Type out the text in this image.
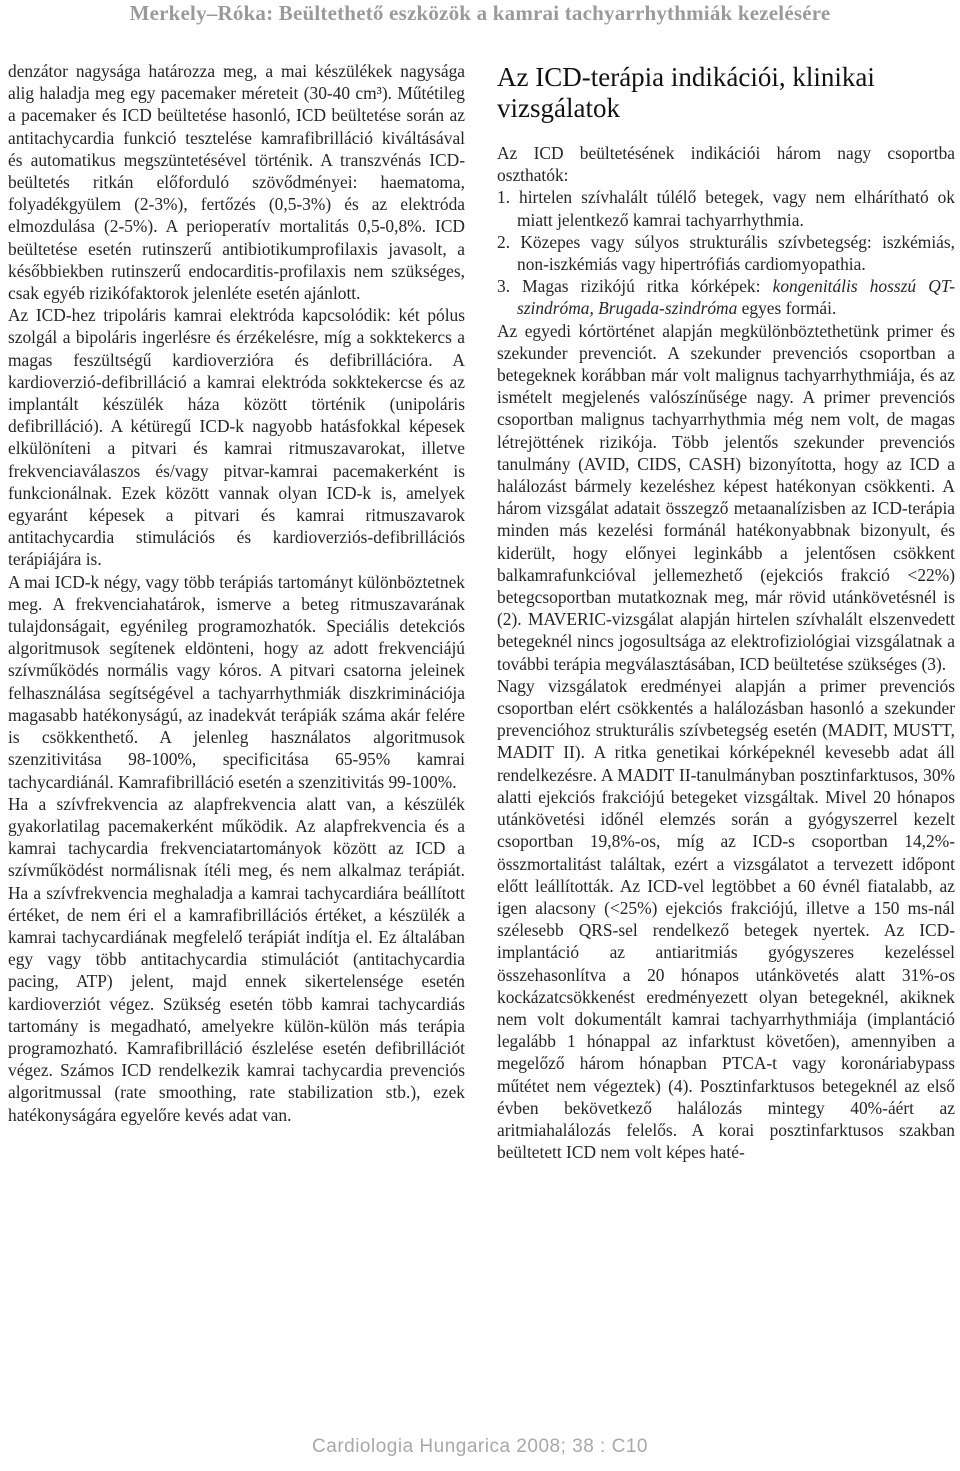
Merkely–Róka: Beültethető eszközök a kamrai tachyarrhythmiák kezelésére

denzátor nagysága határozza meg, a mai készülékek nagysága alig haladja meg egy pacemaker méreteit (30-40 cm³). Műtétileg a pacemaker és ICD beültetése hasonló, ICD beültetése során az antitachycardia funkció tesztelése kamrafibrilláció kiváltásával és automatikus megszüntetésével történik. A transzvénás ICD-beültetés ritkán előforduló szövődményei: haematoma, folyadékgyülem (2-3%), fertőzés (0,5-3%) és az elektróda elmozdulása (2-5%). A perioperatív mortalitás 0,5-0,8%. ICD beültetése esetén rutinszerű antibiotikumprofilaxis javasolt, a későbbiekben rutinszerű endocarditis-profilaxis nem szükséges, csak egyéb rizikófaktorok jelenléte esetén ajánlott.

Az ICD-hez tripoláris kamrai elektróda kapcsolódik: két pólus szolgál a bipoláris ingerlésre és érzékelésre, míg a sokktekercs a magas feszültségű kardioverzióra és defibrillációra. A kardioverzió-defibrilláció a kamrai elektróda sokktekercse és az implantált készülék háza között történik (unipoláris defibrilláció). A kétüregű ICD-k nagyobb hatásfokkal képesek elkülöníteni a pitvari és kamrai ritmuszavarokat, illetve frekvenciaválaszos és/vagy pitvar-kamrai pacemakerként is funkcionálnak. Ezek között vannak olyan ICD-k is, amelyek egyaránt képesek a pitvari és kamrai ritmuszavarok antitachycardia stimulációs és kardioverziós-defibrillációs terápiájára is.

A mai ICD-k négy, vagy több terápiás tartományt különböztetnek meg. A frekvenciahatárok, ismerve a beteg ritmuszavarának tulajdonságait, egyénileg programozhatók. Speciális detekciós algoritmusok segítenek eldönteni, hogy az adott frekvenciájú szívműködés normális vagy kóros. A pitvari csatorna jeleinek felhasználása segítségével a tachyarrhythmiák diszkriminációja magasabb hatékonyságú, az inadekvát terápiák száma akár felére is csökkenthető. A jelenleg használatos algoritmusok szenzitivitása 98-100%, specificitása 65-95% kamrai tachycardiánál. Kamrafibrilláció esetén a szenzitivitás 99-100%.

Ha a szívfrekvencia az alapfrekvencia alatt van, a készülék gyakorlatilag pacemakerként működik. Az alapfrekvencia és a kamrai tachycardia frekvenciatartományok között az ICD a szívműködést normálisnak ítéli meg, és nem alkalmaz terápiát. Ha a szívfrekvencia meghaladja a kamrai tachycardiára beállított értéket, de nem éri el a kamrafibrillációs értéket, a készülék a kamrai tachycardiának megfelelő terápiát indítja el. Ez általában egy vagy több antitachycardia stimulációt (antitachycardia pacing, ATP) jelent, majd ennek sikertelensége esetén kardioverziót végez. Szükség esetén több kamrai tachycardiás tartomány is megadható, amelyekre külön-külön más terápia programozható. Kamrafibrilláció észlelése esetén defibrillációt végez. Számos ICD rendelkezik kamrai tachycardia prevenciós algoritmussal (rate smoothing, rate stabilization stb.), ezek hatékonyságára egyelőre kevés adat van.

Az ICD-terápia indikációi, klinikai vizsgálatok

Az ICD beültetésének indikációi három nagy csoportba oszthatók:

1. hirtelen szívhalált túlélő betegek, vagy nem elhárítható ok miatt jelentkező kamrai tachyarrhythmia.
2. Közepes vagy súlyos strukturális szívbetegség: iszkémiás, non-iszkémiás vagy hipertrófiás cardiomyopathia.
3. Magas rizikójú ritka kórképek: kongenitális hosszú QT-szindróma, Brugada-szindróma egyes formái.

Az egyedi kórtörténet alapján megkülönböztethetünk primer és szekunder prevenciót. A szekunder prevenciós csoportban a betegeknek korábban már volt malignus tachyarrhythmiája, és az ismételt megjelenés valószínűsége nagy. A primer prevenciós csoportban malignus tachyarrhythmia még nem volt, de magas létrejöttének rizikója. Több jelentős szekunder prevenciós tanulmány (AVID, CIDS, CASH) bizonyította, hogy az ICD a halálozást bármely kezeléshez képest hatékonyan csökkenti. A három vizsgálat adatait összegző metaanalízisben az ICD-terápia minden más kezelési formánál hatékonyabbnak bizonyult, és kiderült, hogy előnyei leginkább a jelentősen csökkent balkamrafunkcióval jellemezhető (ejekciós frakció <22%) betegcsoportban mutatkoznak meg, már rövid utánkövetésnél is (2). MAVERIC-vizsgálat alapján hirtelen szívhalált elszenvedett betegeknél nincs jogosultsága az elektrofiziológiai vizsgálatnak a további terápia megválasztásában, ICD beültetése szükséges (3).

Nagy vizsgálatok eredményei alapján a primer prevenciós csoportban elért csökkentés a halálozásban hasonló a szekunder prevencióhoz strukturális szívbetegség esetén (MADIT, MUSTT, MADIT II). A ritka genetikai kórképeknél kevesebb adat áll rendelkezésre. A MADIT II-tanulmányban posztinfarktusos, 30% alatti ejekciós frakciójú betegeket vizsgáltak. Mivel 20 hónapos utánkövetési időnél elemzés során a gyógyszerrel kezelt csoportban 19,8%-os, míg az ICD-s csoportban 14,2%-összmortalitást találtak, ezért a vizsgálatot a tervezett időpont előtt leállították. Az ICD-vel legtöbbet a 60 évnél fiatalabb, az igen alacsony (<25%) ejekciós frakciójú, illetve a 150 ms-nál szélesebb QRS-sel rendelkező betegek nyertek. Az ICD-implantáció az antiaritmiás gyógyszeres kezeléssel összehasonlítva a 20 hónapos utánkövetés alatt 31%-os kockázatcsökkenést eredményezett olyan betegeknél, akiknek nem volt dokumentált kamrai tachyarrhythmiája (implantáció legalább 1 hónappal az infarktust követően), amennyiben a megelőző három hónapban PTCA-t vagy koronáriabypass műtétet nem végeztek) (4). Posztinfarktusos betegeknél az első évben bekövetkező halálozás mintegy 40%-áért az aritmiahalálozás felelős. A korai posztinfarktusos szakban beültetett ICD nem volt képes haté-

Cardiologia Hungarica 2008; 38 : C10
